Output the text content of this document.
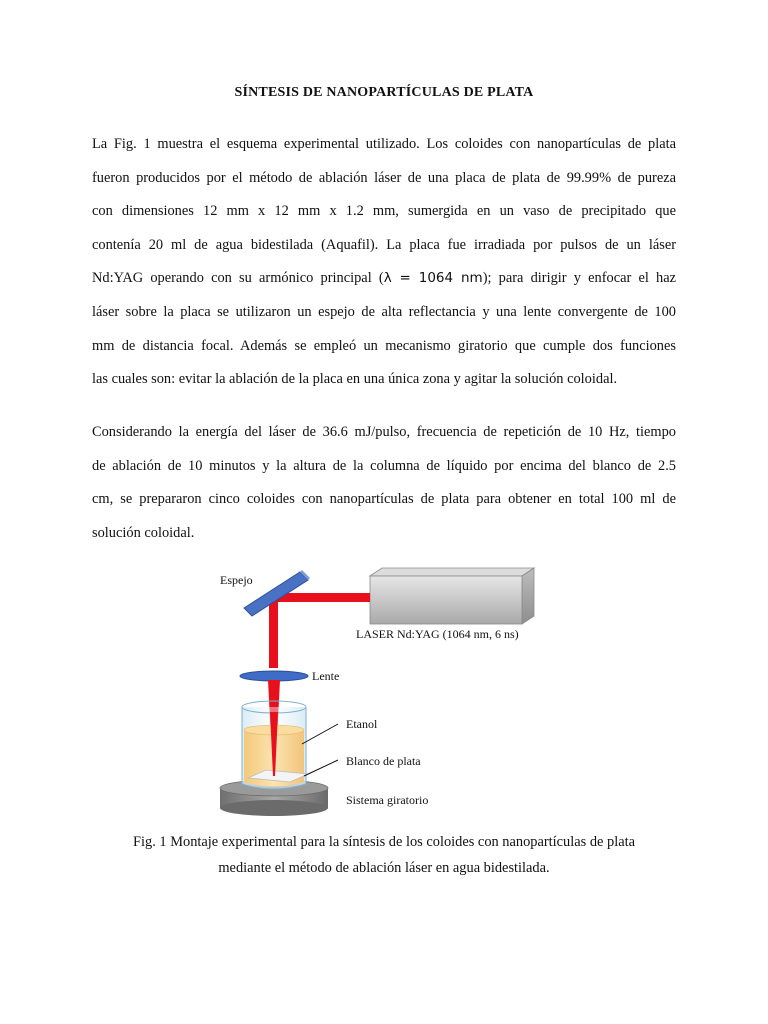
SÍNTESIS DE NANOPARTÍCULAS DE PLATA

La Fig. 1 muestra el esquema experimental utilizado. Los coloides con nanopartículas de plata
fueron producidos por el método de ablación láser de una placa de plata de 99.99% de pureza
con dimensiones 12 mm x 12 mm x 1.2 mm, sumergida en un vaso de precipitado que
contenía 20 ml de agua bidestilada (Aquafil). La placa fue irradiada por pulsos de un láser
Nd:YAG operando con su armónico principal (λ = 1064 nm); para dirigir y enfocar el haz
láser sobre la placa se utilizaron un espejo de alta reflectancia y una lente convergente de 100
mm de distancia focal. Además se empleó un mecanismo giratorio que cumple dos funciones
las cuales son: evitar la ablación de la placa en una única zona y agitar la solución coloidal.

Considerando la energía del láser de 36.6 mJ/pulso, frecuencia de repetición de 10 Hz, tiempo
de ablación de 10 minutos y la altura de la columna de líquido por encima del blanco de 2.5
cm, se prepararon cinco coloides con nanopartículas de plata para obtener en total 100 ml de
solución coloidal.

Espejo
LASER Nd:YAG (1064 nm, 6 ns)
Lente
Etanol
Blanco de plata
Sistema giratorio
Fig. 1 Montaje experimental para la síntesis de los coloides con nanopartículas de plata
mediante el método de ablación láser en agua bidestilada.
